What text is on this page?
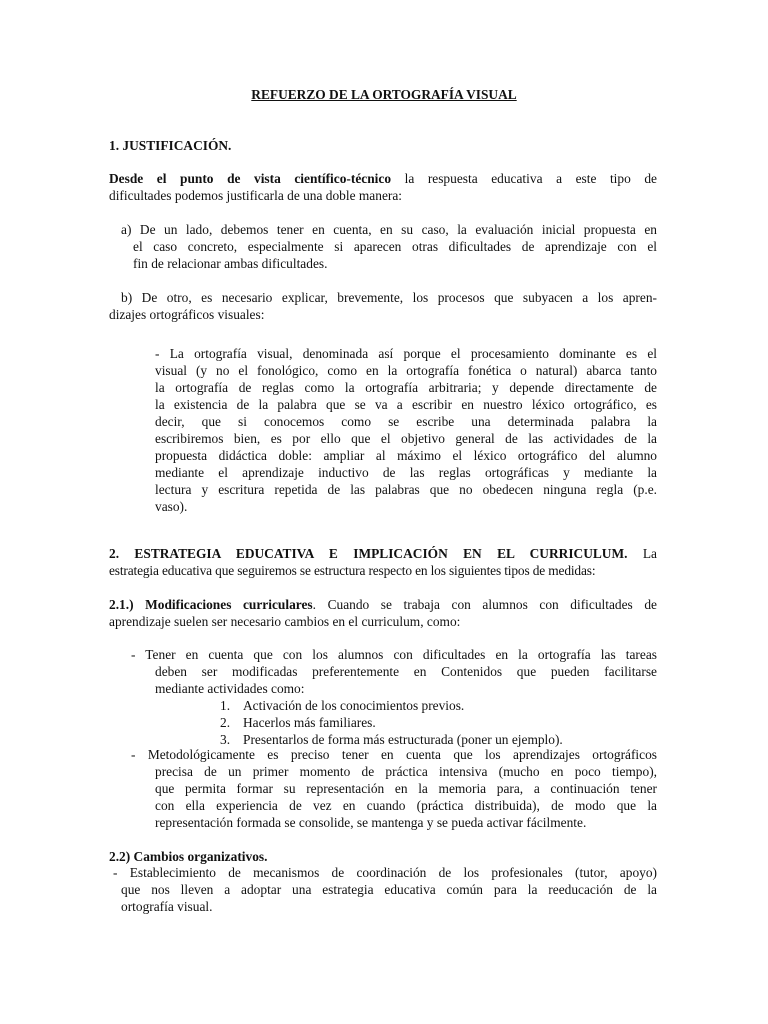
REFUERZO DE LA ORTOGRAFÍA VISUAL
1. JUSTIFICACIÓN.
Desde el punto de vista científico-técnico la respuesta educativa a este tipo de
dificultades podemos justificarla de una doble manera:
a) De un lado, debemos tener en cuenta, en su caso, la evaluación inicial propuesta en
el caso concreto, especialmente si aparecen otras dificultades de aprendizaje con el
fin de relacionar ambas dificultades.
b) De otro, es necesario explicar, brevemente, los procesos que subyacen a los apren-
dizajes ortográficos visuales:
- La ortografía visual, denominada así porque el procesamiento dominante es el
visual (y no el fonológico, como en la ortografía fonética o natural) abarca tanto
la ortografía de reglas como la ortografía arbitraria; y depende directamente de
la existencia de la palabra que se va a escribir en nuestro léxico ortográfico, es
decir, que si conocemos como se escribe una determinada palabra la
escribiremos bien, es por ello que el objetivo general de las actividades de la
propuesta didáctica doble: ampliar al máximo el léxico ortográfico del alumno
mediante el aprendizaje inductivo de las reglas ortográficas y mediante la
lectura y escritura repetida de las palabras que no obedecen ninguna regla (p.e.
vaso).
2. ESTRATEGIA EDUCATIVA E IMPLICACIÓN EN EL CURRICULUM. La
estrategia educativa que seguiremos se estructura respecto en los siguientes tipos de medidas:
2.1.) Modificaciones curriculares. Cuando se trabaja con alumnos con dificultades de
aprendizaje suelen ser necesario cambios en el curriculum, como:
- Tener en cuenta que con los alumnos con dificultades en la ortografía las tareas
deben ser modificadas preferentemente en Contenidos que pueden facilitarse
mediante actividades como:
1. Activación de los conocimientos previos.
2. Hacerlos más familiares.
3. Presentarlos de forma más estructurada (poner un ejemplo).
- Metodológicamente es preciso tener en cuenta que los aprendizajes ortográficos
precisa de un primer momento de práctica intensiva (mucho en poco tiempo),
que permita formar su representación en la memoria para, a continuación tener
con ella experiencia de vez en cuando (práctica distribuida), de modo que la
representación formada se consolide, se mantenga y se pueda activar fácilmente.
2.2) Cambios organizativos.
- Establecimiento de mecanismos de coordinación de los profesionales (tutor, apoyo)
que nos lleven a adoptar una estrategia educativa común para la reeducación de la
ortografía visual.
